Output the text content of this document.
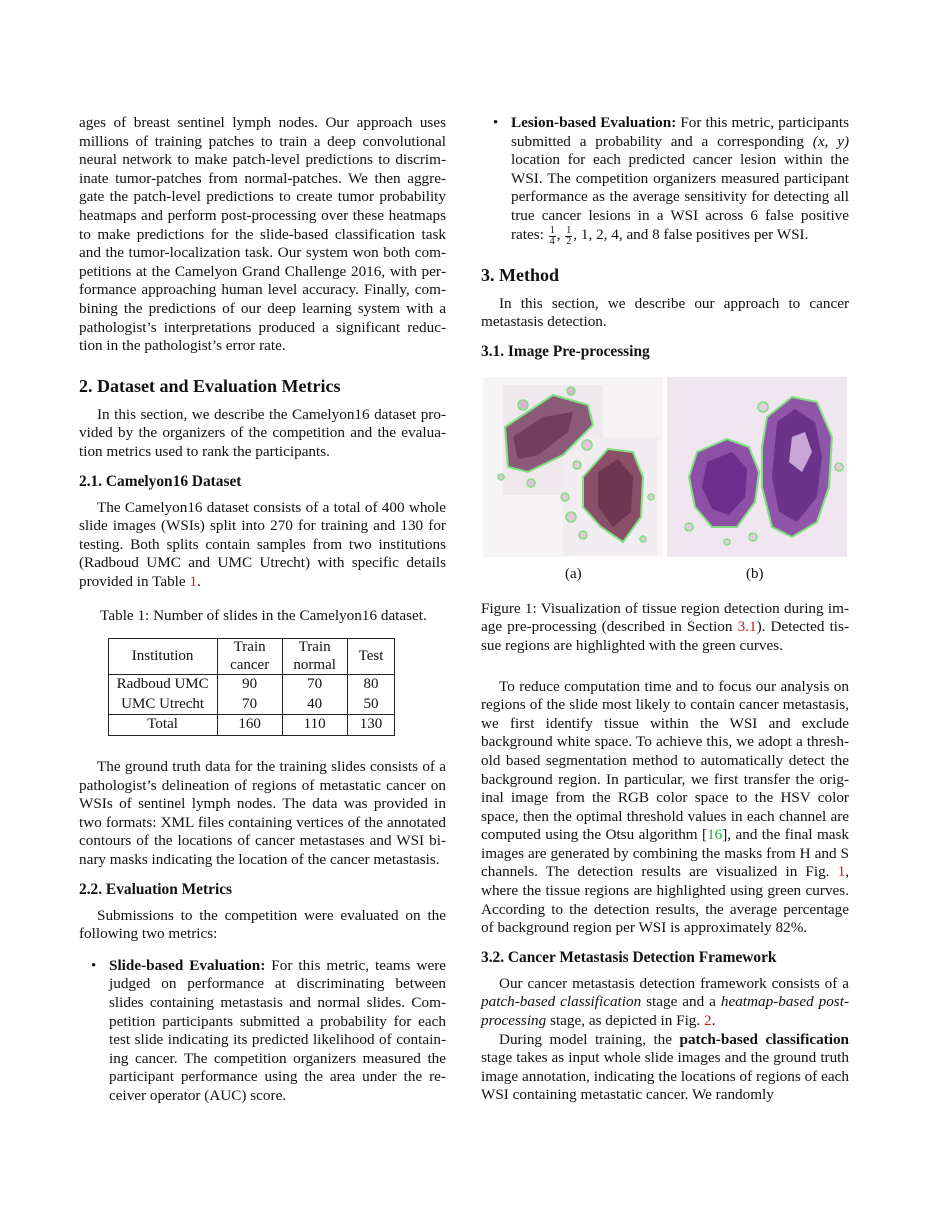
ages of breast sentinel lymph nodes. Our approach uses millions of training patches to train a deep convolutional neural network to make patch-level predictions to discriminate tumor-patches from normal-patches. We then aggregate the patch-level predictions to create tumor probability heatmaps and perform post-processing over these heatmaps to make predictions for the slide-based classification task and the tumor-localization task. Our system won both competitions at the Camelyon Grand Challenge 2016, with performance approaching human level accuracy. Finally, combining the predictions of our deep learning system with a pathologist’s interpretations produced a significant reduction in the pathologist’s error rate.

2. Dataset and Evaluation Metrics

In this section, we describe the Camelyon16 dataset provided by the organizers of the competition and the evaluation metrics used to rank the participants.

2.1. Camelyon16 Dataset

The Camelyon16 dataset consists of a total of 400 whole slide images (WSIs) split into 270 for training and 130 for testing. Both splits contain samples from two institutions (Radboud UMC and UMC Utrecht) with specific details provided in Table 1.

Table 1: Number of slides in the Camelyon16 dataset.

Institution	Train cancer	Train normal	Test
Radboud UMC	90	70	80
UMC Utrecht	70	40	50
Total	160	110	130

The ground truth data for the training slides consists of a pathologist’s delineation of regions of metastatic cancer on WSIs of sentinel lymph nodes. The data was provided in two formats: XML files containing vertices of the annotated contours of the locations of cancer metastases and WSI binary masks indicating the location of the cancer metastasis.

2.2. Evaluation Metrics

Submissions to the competition were evaluated on the following two metrics:

• Slide-based Evaluation: For this metric, teams were judged on performance at discriminating between slides containing metastasis and normal slides. Competition participants submitted a probability for each test slide indicating its predicted likelihood of containing cancer. The competition organizers measured the participant performance using the area under the receiver operator (AUC) score.
• Lesion-based Evaluation: For this metric, participants submitted a probability and a corresponding (x, y) location for each predicted cancer lesion within the WSI. The competition organizers measured participant performance as the average sensitivity for detecting all true cancer lesions in a WSI across 6 false positive rates: $\frac{1}{4}$ , $\frac{1}{2}$ , 1, 2, 4, and 8 false positives per WSI.
3. Method

In this section, we describe our approach to cancer metastasis detection.

3.1. Image Pre-processing
(a)	(b)

Figure 1: Visualization of tissue region detection during image pre-processing (described in Section 3.1). Detected tissue regions are highlighted with the green curves.

To reduce computation time and to focus our analysis on regions of the slide most likely to contain cancer metastasis, we first identify tissue within the WSI and exclude background white space. To achieve this, we adopt a threshold based segmentation method to automatically detect the background region. In particular, we first transfer the original image from the RGB color space to the HSV color space, then the optimal threshold values in each channel are computed using the Otsu algorithm [16], and the final mask images are generated by combining the masks from H and S channels. The detection results are visualized in Fig. 1, where the tissue regions are highlighted using green curves. According to the detection results, the average percentage of background region per WSI is approximately 82%.

3.2. Cancer Metastasis Detection Framework

Our cancer metastasis detection framework consists of a patch-based classification stage and a heatmap-based post-processing stage, as depicted in Fig. 2.

During model training, the patch-based classification stage takes as input whole slide images and the ground truth image annotation, indicating the locations of regions of each WSI containing metastatic cancer. We randomly
